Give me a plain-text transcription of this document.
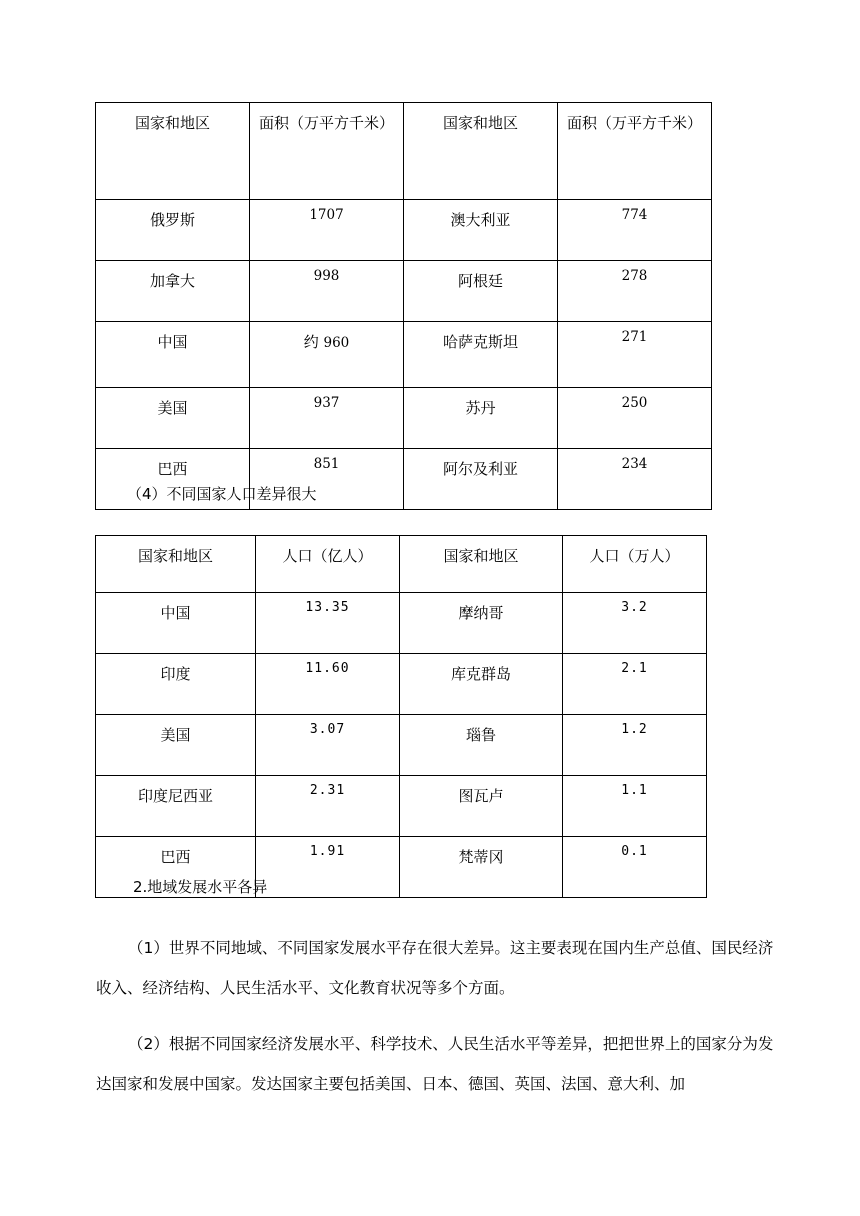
国家和地区	面积（万平方千米）	国家和地区	面积（万平方千米）
俄罗斯	1707	澳大利亚	774
加拿大	998	阿根廷	278
中国	约 960	哈萨克斯坦	271
美国	937	苏丹	250
巴西	851	阿尔及利亚	234
（4）不同国家人口差异很大
国家和地区	人口（亿人）	国家和地区	人口（万人）
中国	13.35	摩纳哥	3.2
印度	11.60	库克群岛	2.1
美国	3.07	瑙鲁	1.2
印度尼西亚	2.31	图瓦卢	1.1
巴西	1.91	梵蒂冈	0.1
2.地域发展水平各异
（1）世界不同地域、不同国家发展水平存在很大差异。这主要表现在国内生产总值、国民经济收入、经济结构、人民生活水平、文化教育状况等多个方面。
（2）根据不同国家经济发展水平、科学技术、人民生活水平等差异，把把世界上的国家分为发达国家和发展中国家。发达国家主要包括美国、日本、德国、英国、法国、意大利、加
